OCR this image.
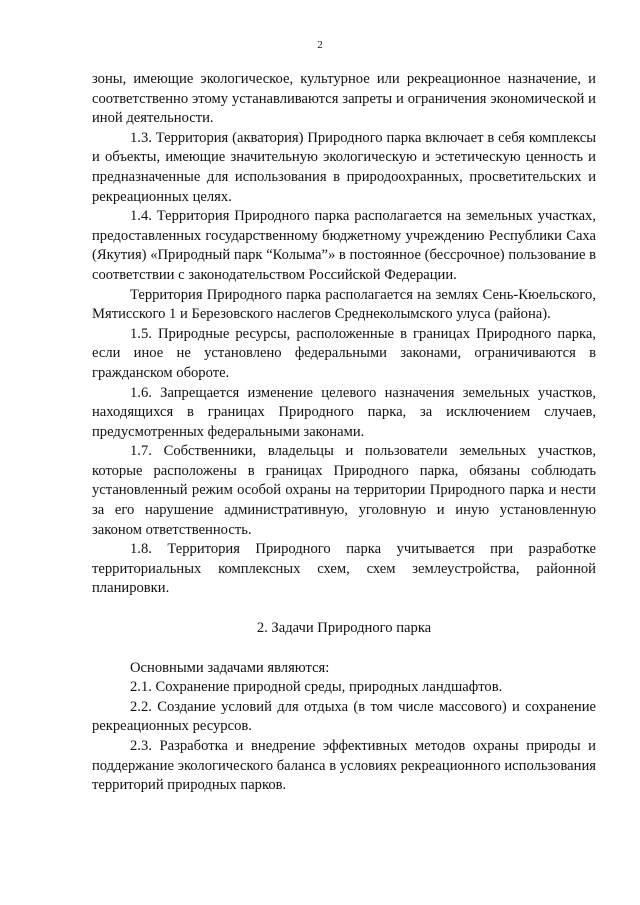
2

зоны, имеющие экологическое, культурное или рекреационное назначение, и соответственно этому устанавливаются запреты и ограничения экономической и иной деятельности.

1.3. Территория (акватория) Природного парка включает в себя комплексы и объекты, имеющие значительную экологическую и эстетическую ценность и предназначенные для использования в природоохранных, просветительских и рекреационных целях.

1.4. Территория Природного парка располагается на земельных участках, предоставленных государственному бюджетному учреждению Республики Саха (Якутия) «Природный парк “Колыма”» в постоянное (бессрочное) пользование в соответствии с законодательством Российской Федерации.

Территория Природного парка располагается на землях Сень-Кюельского, Мятисского 1 и Березовского наслегов Среднеколымского улуса (района).

1.5. Природные ресурсы, расположенные в границах Природного парка, если иное не установлено федеральными законами, ограничиваются в гражданском обороте.

1.6. Запрещается изменение целевого назначения земельных участков, находящихся в границах Природного парка, за исключением случаев, предусмотренных федеральными законами.

1.7. Собственники, владельцы и пользователи земельных участков, которые расположены в границах Природного парка, обязаны соблюдать установленный режим особой охраны на территории Природного парка и нести за его нарушение административную, уголовную и иную установленную законом ответственность.

1.8. Территория Природного парка учитывается при разработке территориальных комплексных схем, схем землеустройства, районной планировки.

2. Задачи Природного парка

Основными задачами являются:

2.1. Сохранение природной среды, природных ландшафтов.

2.2. Создание условий для отдыха (в том числе массового) и сохранение рекреационных ресурсов.

2.3. Разработка и внедрение эффективных методов охраны природы и поддержание экологического баланса в условиях рекреационного использования территорий природных парков.
